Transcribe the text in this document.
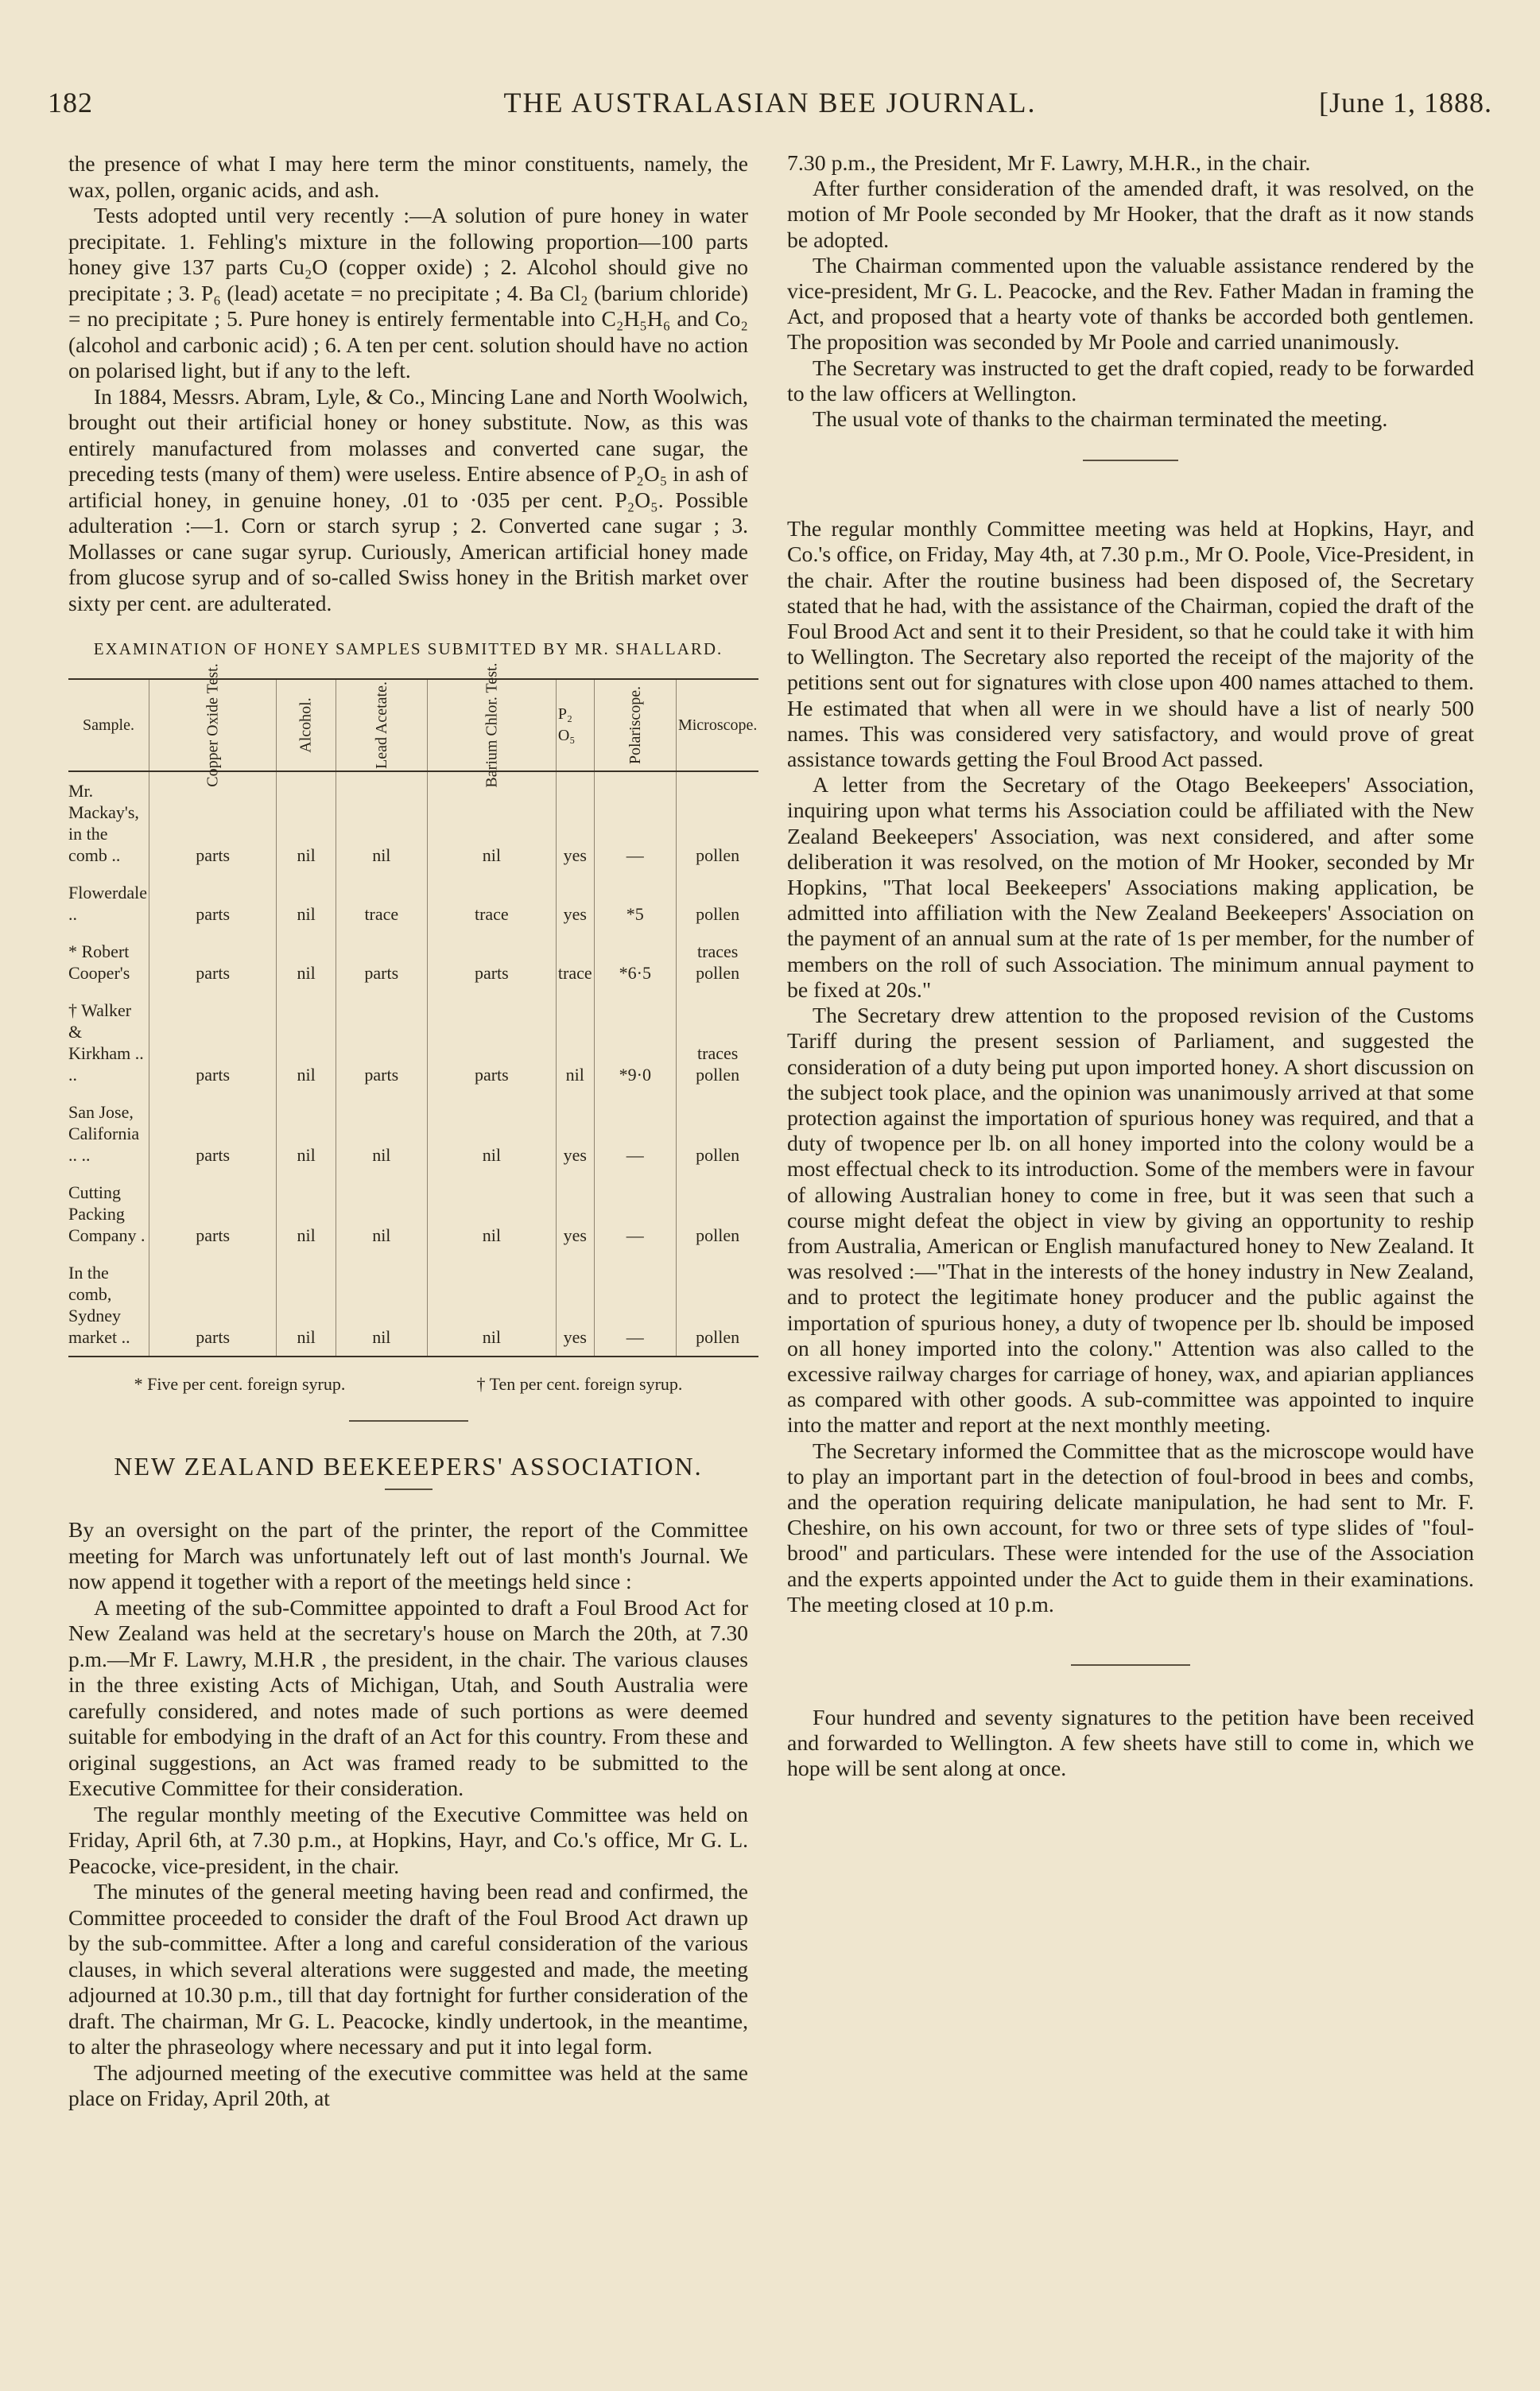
182	THE AUSTRALASIAN BEE JOURNAL.	[June 1, 1888.

the presence of what I may here term the minor constituents, namely, the wax, pollen, organic acids, and ash.

Tests adopted until very recently :—A solution of pure honey in water precipitate. 1. Fehling's mixture in the following proportion—100 parts honey give 137 parts Cu₂O (copper oxide) ; 2. Alcohol should give no precipitate ; 3. P₆ (lead) acetate = no precipitate ; 4. Ba Cl₂ (barium chloride) = no precipitate ; 5. Pure honey is entirely fermentable into C₂H₅H₆ and Co₂ (alcohol and carbonic acid) ; 6. A ten per cent. solution should have no action on polarised light, but if any to the left.

In 1884, Messrs. Abram, Lyle, & Co., Mincing Lane and North Woolwich, brought out their artificial honey or honey substitute. Now, as this was entirely manufactured from molasses and converted cane sugar, the preceding tests (many of them) were useless. Entire absence of P₂O₅ in ash of artificial honey, in genuine honey, .01 to ·035 per cent. P₂O₅. Possible adulteration :—1. Corn or starch syrup ; 2. Converted cane sugar ; 3. Mollasses or cane sugar syrup. Curiously, American artificial honey made from glucose syrup and of so-called Swiss honey in the British market over sixty per cent. are adulterated.

EXAMINATION OF HONEY SAMPLES SUBMITTED BY MR. SHALLARD.
Sample.	Copper Oxide Test.	Alcohol.	Lead Acetate.	Barium Chlor. Test.	P₂ O₅	Polariscope.	Microscope.
Mr. Mackay's, in the comb ..	parts	nil	nil	nil	yes	—	pollen
Flowerdale ..	parts	nil	trace	trace	yes	*5	pollen
* Robert Cooper's	parts	nil	parts	parts	trace	*6·5	traces pollen
† Walker & Kirkham .. ..	parts	nil	parts	parts	nil	*9·0	traces pollen
San Jose, California .. ..	parts	nil	nil	nil	yes	—	pollen
Cutting Packing Company .	parts	nil	nil	nil	yes	—	pollen
In the comb, Sydney market ..	parts	nil	nil	nil	yes	—	pollen
* Five per cent. foreign syrup.	† Ten per cent. foreign syrup.
NEW ZEALAND BEEKEEPERS' ASSOCIATION.

By an oversight on the part of the printer, the report of the Committee meeting for March was unfortunately left out of last month's Journal. We now append it together with a report of the meetings held since :

A meeting of the sub-Committee appointed to draft a Foul Brood Act for New Zealand was held at the secretary's house on March the 20th, at 7.30 p.m.—Mr F. Lawry, M.H.R , the president, in the chair. The various clauses in the three existing Acts of Michigan, Utah, and South Australia were carefully considered, and notes made of such portions as were deemed suitable for embodying in the draft of an Act for this country. From these and original suggestions, an Act was framed ready to be submitted to the Executive Committee for their consideration.

The regular monthly meeting of the Executive Committee was held on Friday, April 6th, at 7.30 p.m., at Hopkins, Hayr, and Co.'s office, Mr G. L. Peacocke, vice-president, in the chair.

The minutes of the general meeting having been read and confirmed, the Committee proceeded to consider the draft of the Foul Brood Act drawn up by the sub-committee. After a long and careful consideration of the various clauses, in which several alterations were suggested and made, the meeting adjourned at 10.30 p.m., till that day fortnight for further consideration of the draft. The chairman, Mr G. L. Peacocke, kindly undertook, in the meantime, to alter the phraseology where necessary and put it into legal form.

The adjourned meeting of the executive committee was held at the same place on Friday, April 20th, at

7.30 p.m., the President, Mr F. Lawry, M.H.R., in the chair.

After further consideration of the amended draft, it was resolved, on the motion of Mr Poole seconded by Mr Hooker, that the draft as it now stands be adopted.

The Chairman commented upon the valuable assistance rendered by the vice-president, Mr G. L. Peacocke, and the Rev. Father Madan in framing the Act, and proposed that a hearty vote of thanks be accorded both gentlemen. The proposition was seconded by Mr Poole and carried unanimously.

The Secretary was instructed to get the draft copied, ready to be forwarded to the law officers at Wellington.

The usual vote of thanks to the chairman terminated the meeting.

The regular monthly Committee meeting was held at Hopkins, Hayr, and Co.'s office, on Friday, May 4th, at 7.30 p.m., Mr O. Poole, Vice-President, in the chair. After the routine business had been disposed of, the Secretary stated that he had, with the assistance of the Chairman, copied the draft of the Foul Brood Act and sent it to their President, so that he could take it with him to Wellington. The Secretary also reported the receipt of the majority of the petitions sent out for signatures with close upon 400 names attached to them. He estimated that when all were in we should have a list of nearly 500 names. This was considered very satisfactory, and would prove of great assistance towards getting the Foul Brood Act passed.

A letter from the Secretary of the Otago Beekeepers' Association, inquiring upon what terms his Association could be affiliated with the New Zealand Beekeepers' Association, was next considered, and after some deliberation it was resolved, on the motion of Mr Hooker, seconded by Mr Hopkins, "That local Beekeepers' Associations making application, be admitted into affiliation with the New Zealand Beekeepers' Association on the payment of an annual sum at the rate of 1s per member, for the number of members on the roll of such Association. The minimum annual payment to be fixed at 20s."

The Secretary drew attention to the proposed revision of the Customs Tariff during the present session of Parliament, and suggested the consideration of a duty being put upon imported honey. A short discussion on the subject took place, and the opinion was unanimously arrived at that some protection against the importation of spurious honey was required, and that a duty of twopence per lb. on all honey imported into the colony would be a most effectual check to its introduction. Some of the members were in favour of allowing Australian honey to come in free, but it was seen that such a course might defeat the object in view by giving an opportunity to reship from Australia, American or English manufactured honey to New Zealand. It was resolved :—"That in the interests of the honey industry in New Zealand, and to protect the legitimate honey producer and the public against the importation of spurious honey, a duty of twopence per lb. should be imposed on all honey imported into the colony." Attention was also called to the excessive railway charges for carriage of honey, wax, and apiarian appliances as compared with other goods. A sub-committee was appointed to inquire into the matter and report at the next monthly meeting.

The Secretary informed the Committee that as the microscope would have to play an important part in the detection of foul-brood in bees and combs, and the operation requiring delicate manipulation, he had sent to Mr. F. Cheshire, on his own account, for two or three sets of type slides of "foul-brood" and particulars. These were intended for the use of the Association and the experts appointed under the Act to guide them in their examinations. The meeting closed at 10 p.m.

Four hundred and seventy signatures to the petition have been received and forwarded to Wellington. A few sheets have still to come in, which we hope will be sent along at once.
